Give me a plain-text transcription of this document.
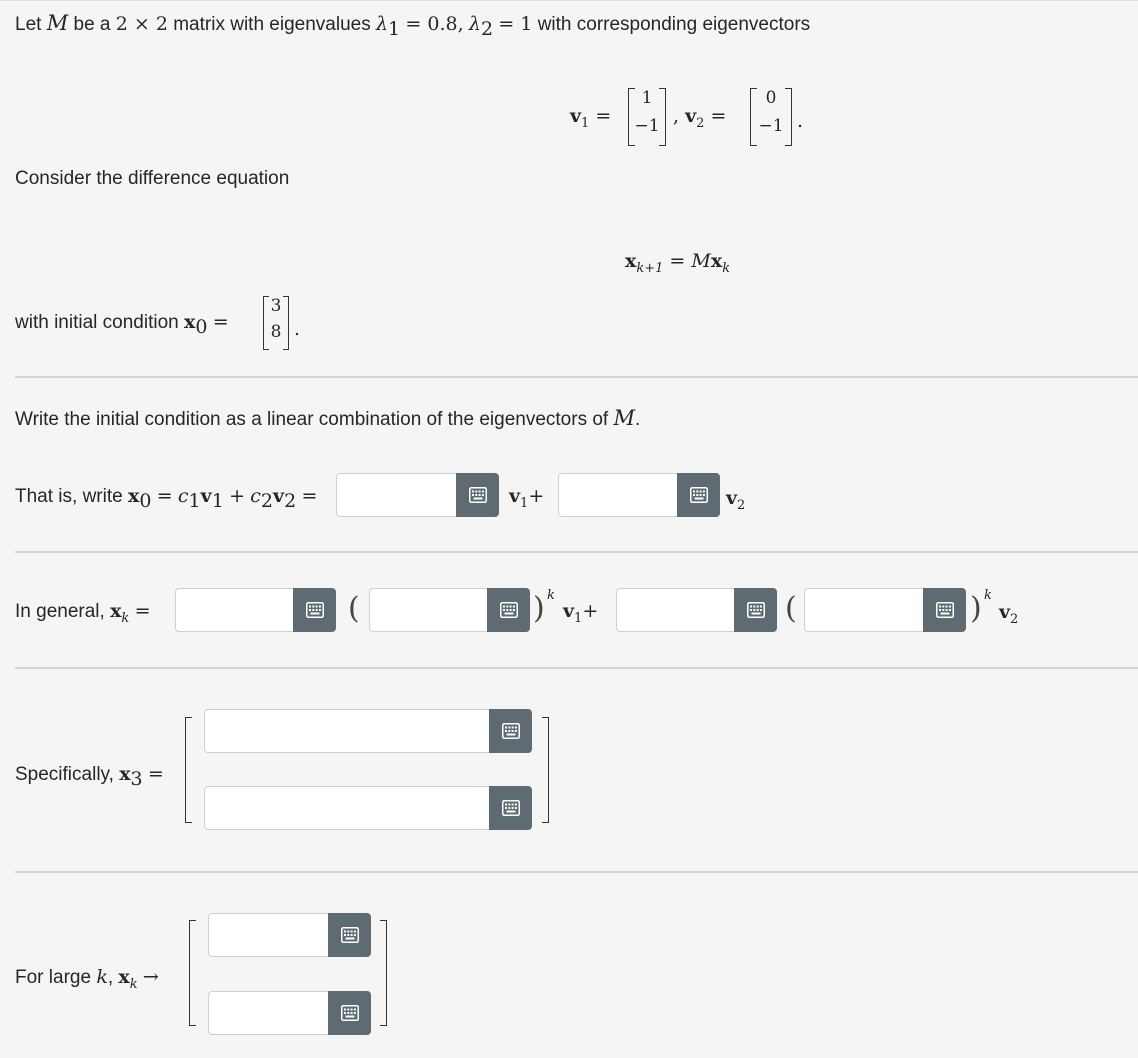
Let M be a 2 × 2 matrix with eigenvalues $\lambda_1 = 0.8$, $\lambda_2 = 1$ with corresponding eigenvectors
$v_1$ =
1
−1 , $v_2$ =
0
−1 .
Consider the difference equation
$x_{k+1} = Mx_k$
with initial condition $x_0$ =
3
8 .
Write the initial condition as a linear combination of the eigenvectors of M.
That is, write $x_0 = c_1v_1 + c_2v_2$ =	$v_1+$	$v_2$
In general, $x_k$ =	(	) k
$v_1+$	(	) k
$v_2$
Specifically, $x_3$ =
For large k, $x_k$ →
